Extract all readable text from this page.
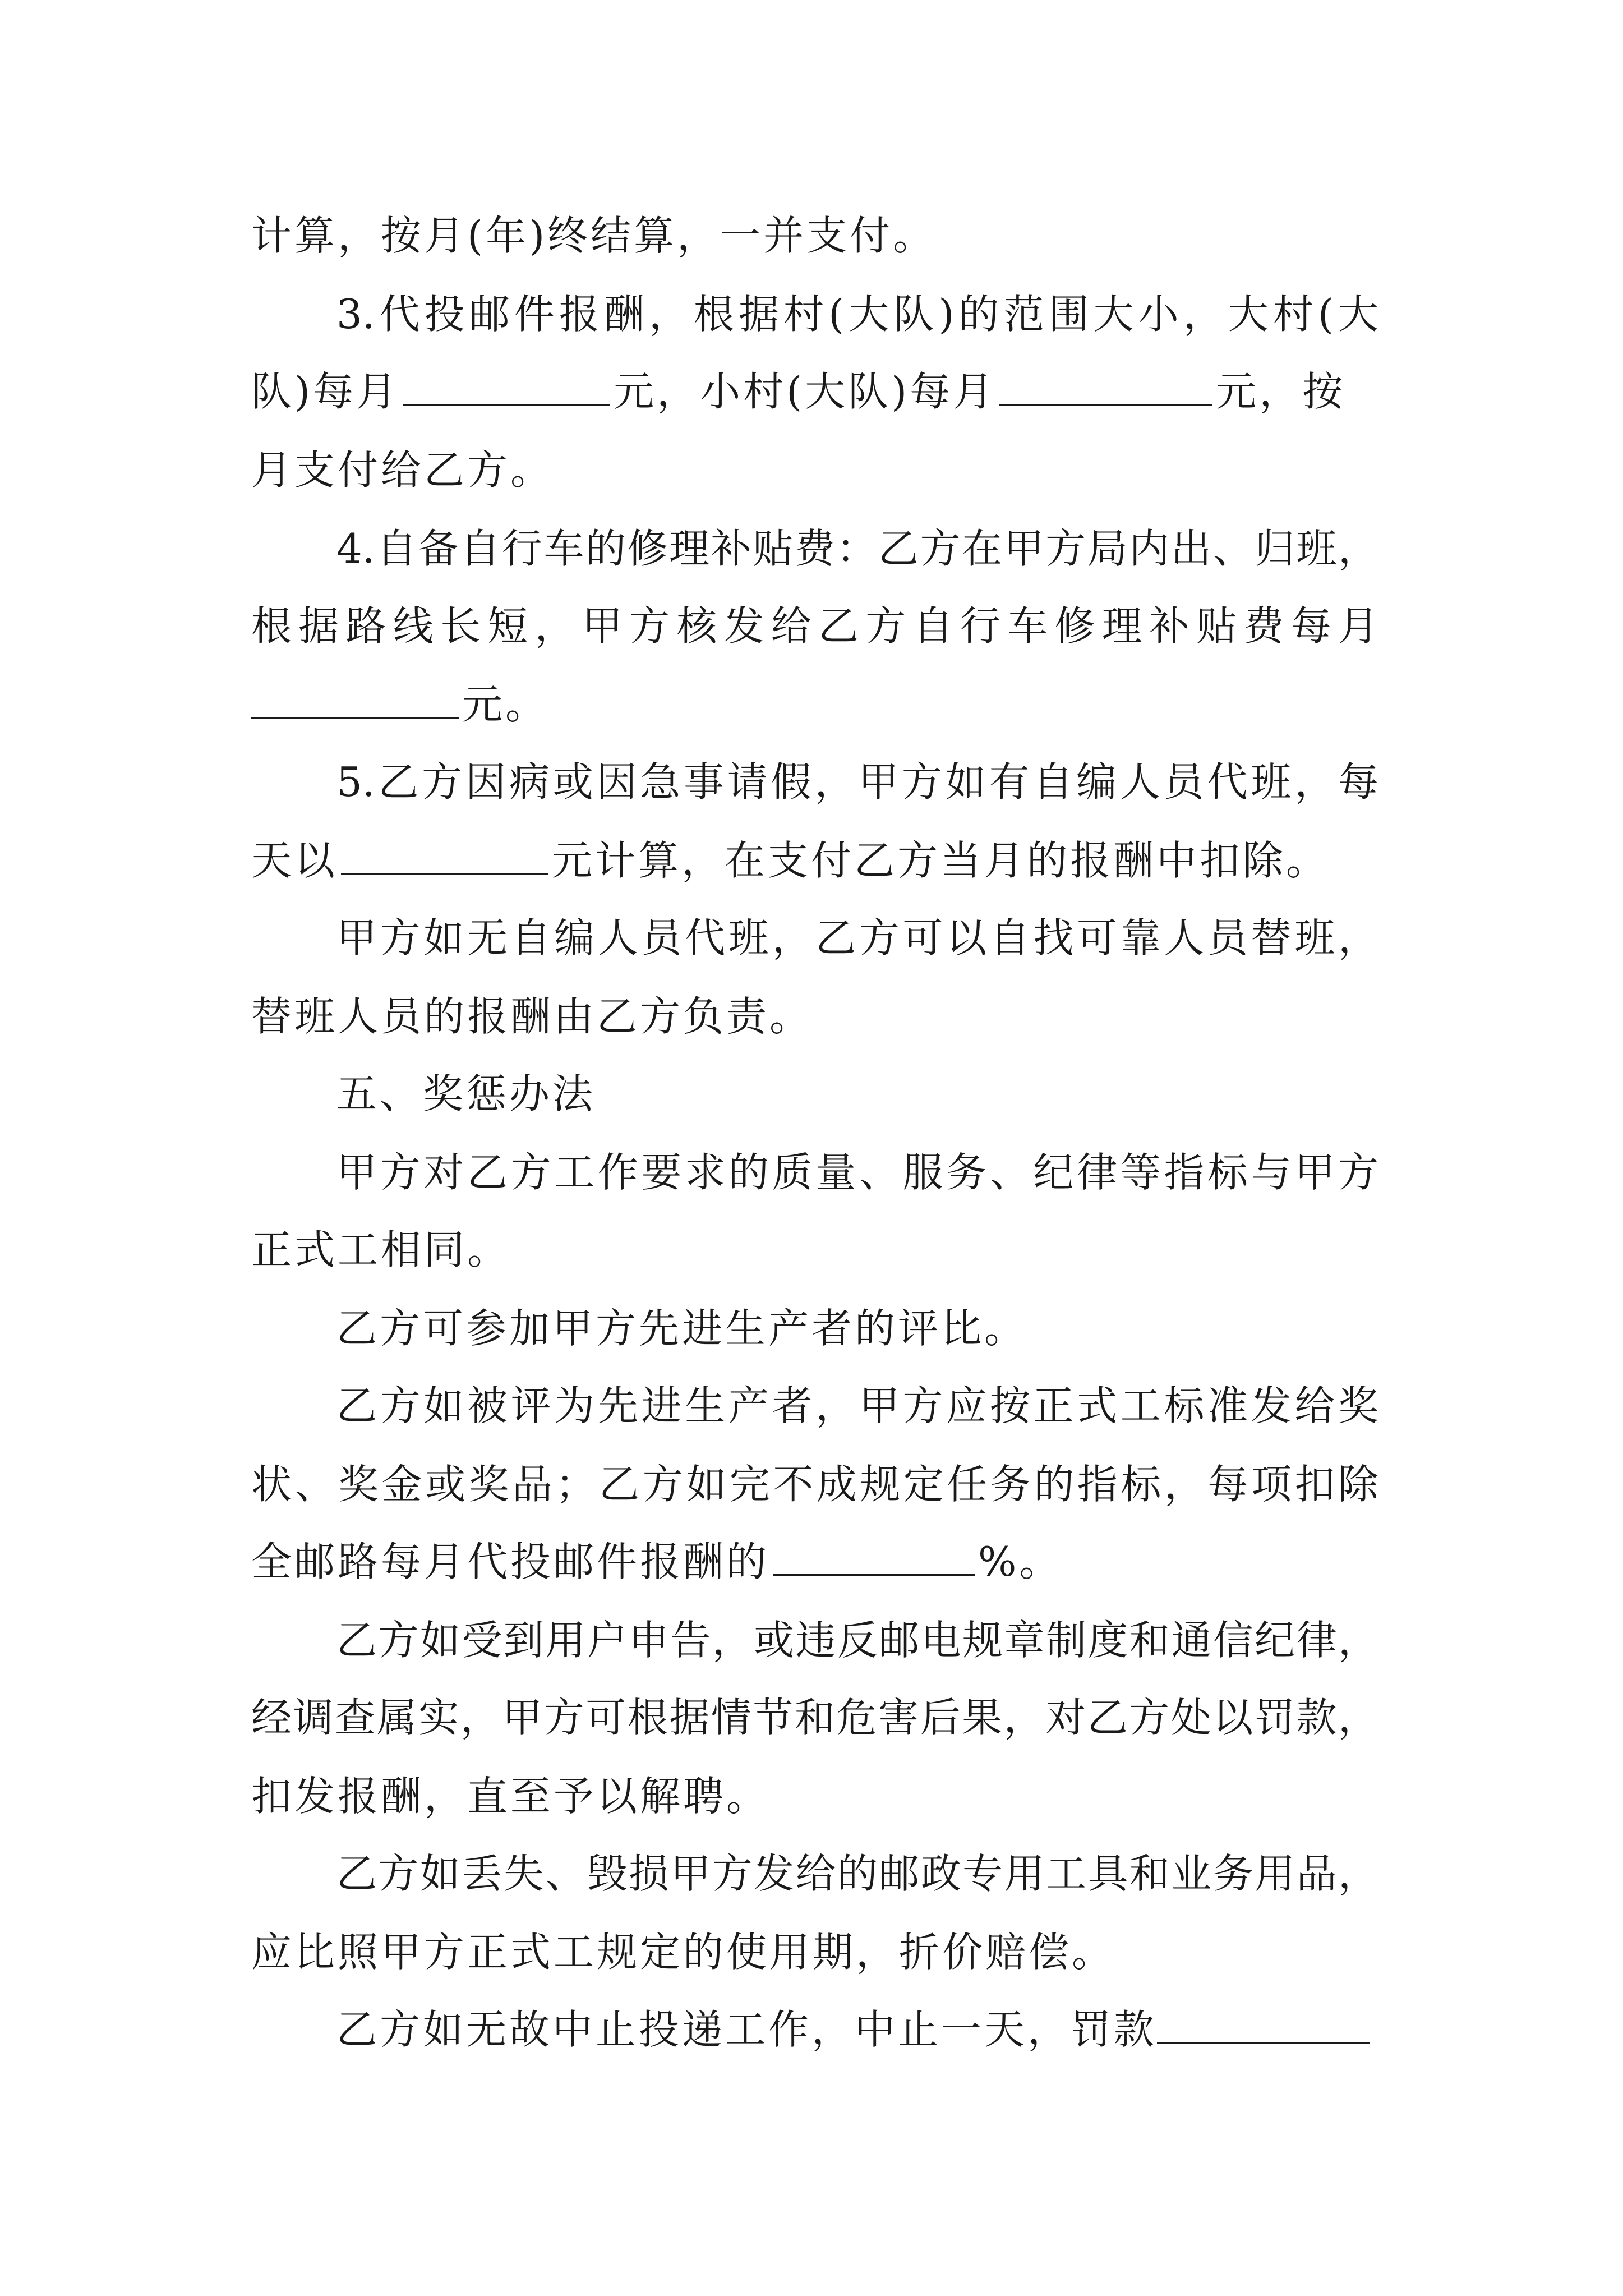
计算，按月(年)终结算，一并支付。
3.代投邮件报酬，根据村(大队)的范围大小，大村(大
队)每月	元，小村(大队)每月	元，按
月支付给乙方。
4.自备自行车的修理补贴费：乙方在甲方局内出、归班，
根据路线长短，甲方核发给乙方自行车修理补贴费每月
元。
5.乙方因病或因急事请假，甲方如有自编人员代班，每
天以	元计算，在支付乙方当月的报酬中扣除。
甲方如无自编人员代班，乙方可以自找可靠人员替班，
替班人员的报酬由乙方负责。
五、奖惩办法
甲方对乙方工作要求的质量、服务、纪律等指标与甲方
正式工相同。
乙方可参加甲方先进生产者的评比。
乙方如被评为先进生产者，甲方应按正式工标准发给奖
状、奖金或奖品；乙方如完不成规定任务的指标，每项扣除
全邮路每月代投邮件报酬的	%。
乙方如受到用户申告，或违反邮电规章制度和通信纪律，
经调查属实，甲方可根据情节和危害后果，对乙方处以罚款，
扣发报酬，直至予以解聘。
乙方如丢失、毁损甲方发给的邮政专用工具和业务用品，
应比照甲方正式工规定的使用期，折价赔偿。
乙方如无故中止投递工作，中止一天，罚款
